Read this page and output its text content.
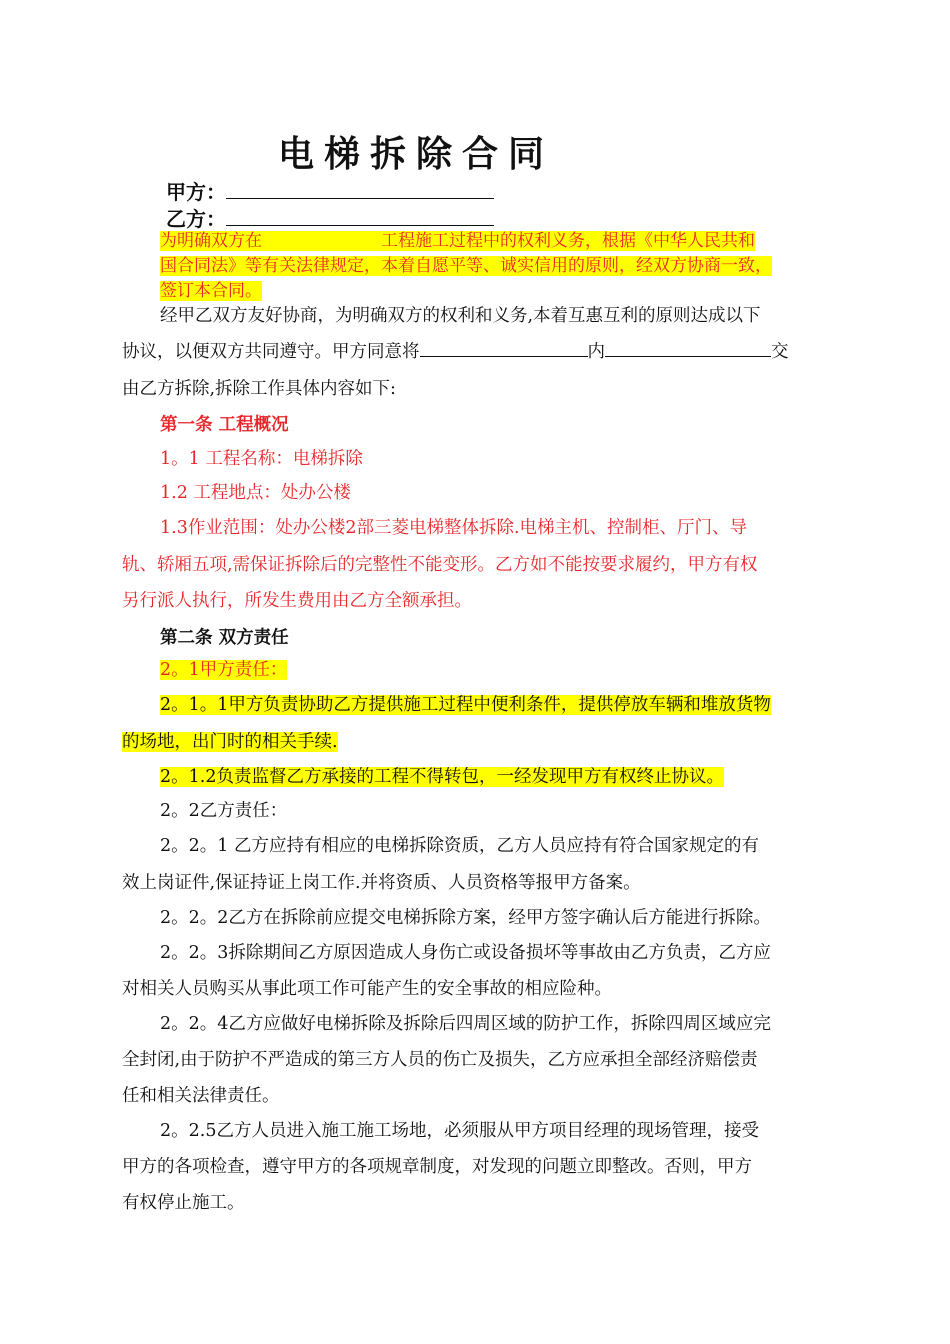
电梯拆除合同
甲方：
乙方：
为明确双方在	工程施工过程中的权利义务，根据《中华人民共和
国合同法》等有关法律规定，本着自愿平等、诚实信用的原则，经双方协商一致，
签订本合同。
经甲乙双方友好协商，为明确双方的权利和义务,本着互惠互利的原则达成以下
协议，以便双方共同遵守。甲方同意将	内	交
由乙方拆除,拆除工作具体内容如下:
第一条 工程概况
1。1 工程名称：电梯拆除
1.2 工程地点：处办公楼
1.3作业范围：处办公楼2部三菱电梯整体拆除.电梯主机、控制柜、厅门、导
轨、轿厢五项,需保证拆除后的完整性不能变形。乙方如不能按要求履约，甲方有权
另行派人执行，所发生费用由乙方全额承担。
第二条 双方责任
2。1甲方责任：
2。1。1甲方负责协助乙方提供施工过程中便利条件，提供停放车辆和堆放货物
的场地，出门时的相关手续.
2。1.2负责监督乙方承接的工程不得转包，一经发现甲方有权终止协议。
2。2乙方责任：
2。2。1 乙方应持有相应的电梯拆除资质，乙方人员应持有符合国家规定的有
效上岗证件,保证持证上岗工作.并将资质、人员资格等报甲方备案。
2。2。2乙方在拆除前应提交电梯拆除方案，经甲方签字确认后方能进行拆除。
2。2。3拆除期间乙方原因造成人身伤亡或设备损坏等事故由乙方负责，乙方应
对相关人员购买从事此项工作可能产生的安全事故的相应险种。
2。2。4乙方应做好电梯拆除及拆除后四周区域的防护工作，拆除四周区域应完
全封闭,由于防护不严造成的第三方人员的伤亡及损失，乙方应承担全部经济赔偿责
任和相关法律责任。
2。2.5乙方人员进入施工施工场地，必须服从甲方项目经理的现场管理，接受
甲方的各项检查，遵守甲方的各项规章制度，对发现的问题立即整改。否则，甲方
有权停止施工。
